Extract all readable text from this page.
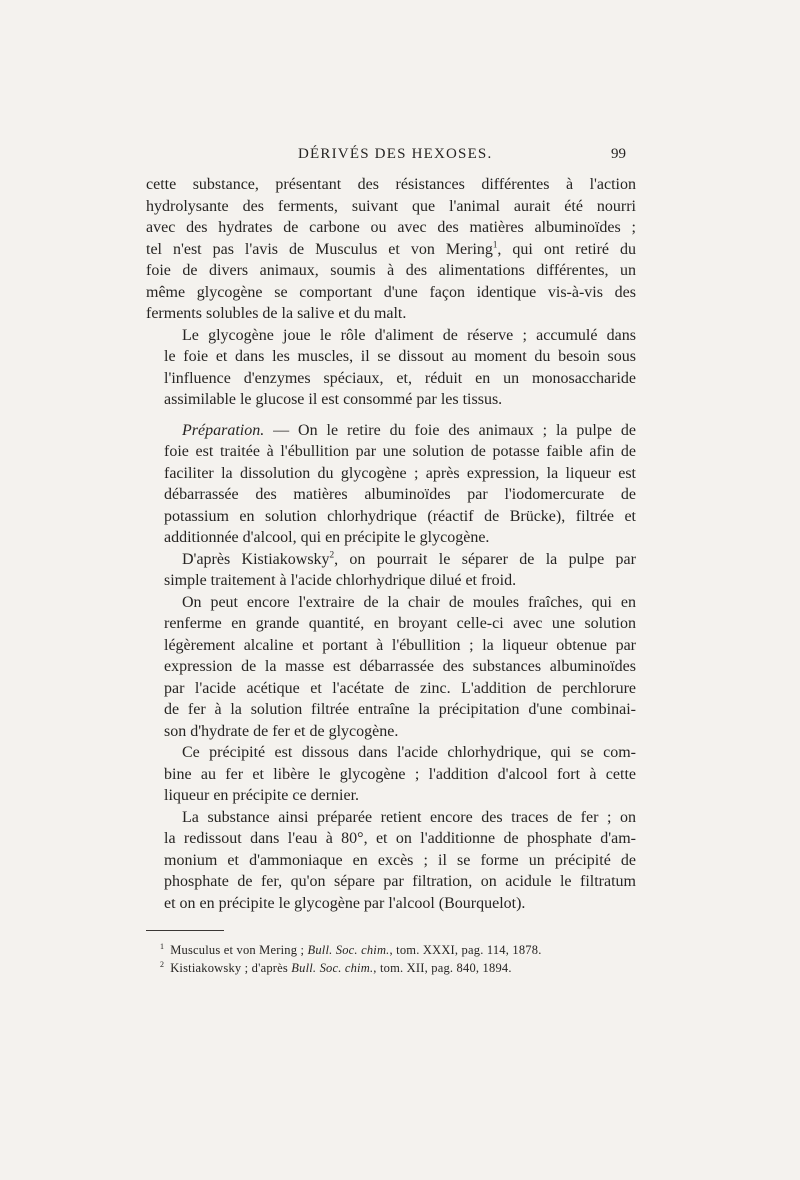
DÉRIVÉS DES HEXOSES.	99
cette substance, présentant des résistances différentes à l'action
hydrolysante des ferments, suivant que l'animal aurait été nourri
avec des hydrates de carbone ou avec des matières albuminoïdes ;
tel n'est pas l'avis de Musculus et von Mering$^1$, qui ont retiré du
foie de divers animaux, soumis à des alimentations différentes, un
même glycogène se comportant d'une façon identique vis-à-vis des
ferments solubles de la salive et du malt.
Le glycogène joue le rôle d'aliment de réserve ; accumulé dans
le foie et dans les muscles, il se dissout au moment du besoin sous
l'influence d'enzymes spéciaux, et, réduit en un monosaccharide
assimilable le glucose il est consommé par les tissus.
Préparation. — On le retire du foie des animaux ; la pulpe de
foie est traitée à l'ébullition par une solution de potasse faible afin de
faciliter la dissolution du glycogène ; après expression, la liqueur est
débarrassée des matières albuminoïdes par l'iodomercurate de
potassium en solution chlorhydrique (réactif de Brücke), filtrée et
additionnée d'alcool, qui en précipite le glycogène.
D'après Kistiakowsky$^2$, on pourrait le séparer de la pulpe par
simple traitement à l'acide chlorhydrique dilué et froid.
On peut encore l'extraire de la chair de moules fraîches, qui en
renferme en grande quantité, en broyant celle-ci avec une solution
légèrement alcaline et portant à l'ébullition ; la liqueur obtenue par
expression de la masse est débarrassée des substances albuminoïdes
par l'acide acétique et l'acétate de zinc. L'addition de perchlorure
de fer à la solution filtrée entraîne la précipitation d'une combinai-
son d'hydrate de fer et de glycogène.
Ce précipité est dissous dans l'acide chlorhydrique, qui se com-
bine au fer et libère le glycogène ; l'addition d'alcool fort à cette
liqueur en précipite ce dernier.
La substance ainsi préparée retient encore des traces de fer ; on
la redissout dans l'eau à 80°, et on l'additionne de phosphate d'am-
monium et d'ammoniaque en excès ; il se forme un précipité de
phosphate de fer, qu'on sépare par filtration, on acidule le filtratum
et on en précipite le glycogène par l'alcool (Bourquelot).
$^1$ Musculus et von Mering ; Bull. Soc. chim., tom. XXXI, pag. 114, 1878.
$^2$ Kistiakowsky ; d'après Bull. Soc. chim., tom. XII, pag. 840, 1894.
